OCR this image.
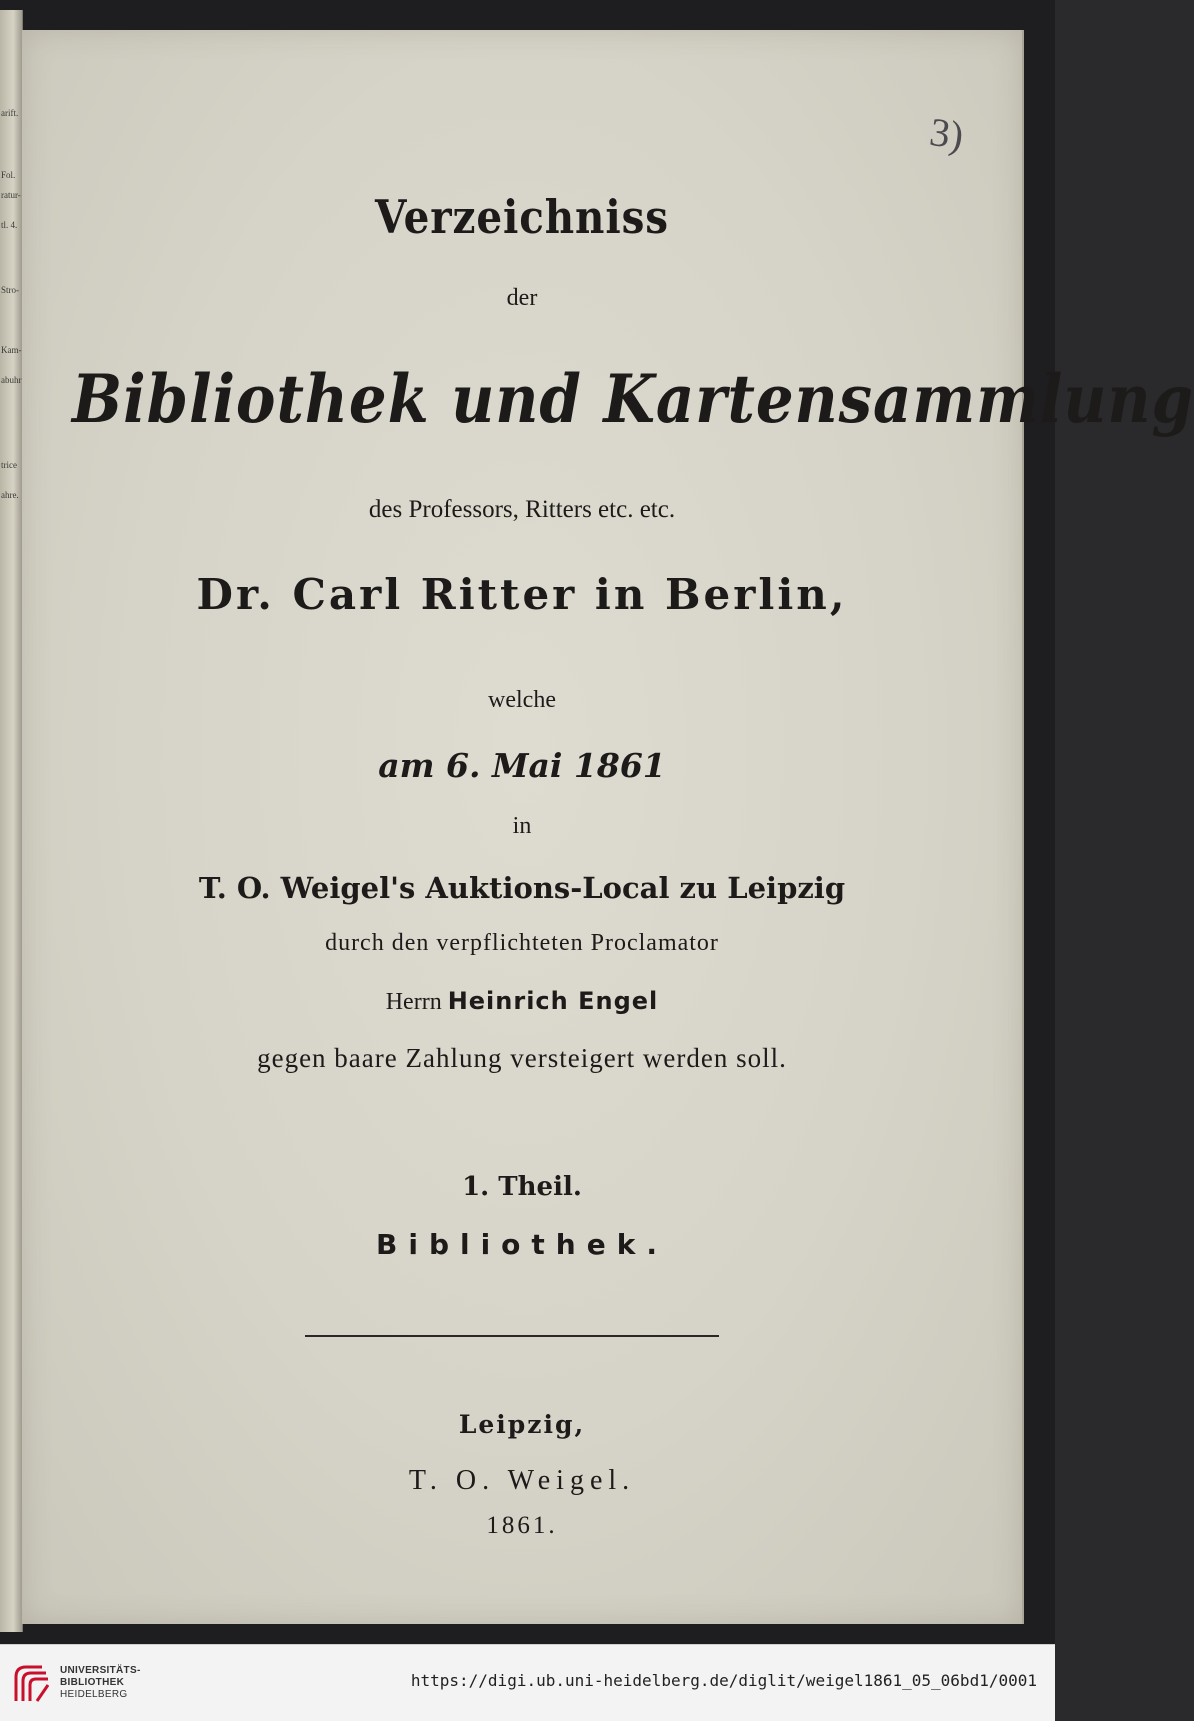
arift.
Fol.
ratur-
tl. 4.
Stro-
Kam-
abuhr
trice
ahre.
3)
Verzeichniss
der
Bibliothek und Kartensammlung
des Professors, Ritters etc. etc.
Dr. Carl Ritter in Berlin,
welche
am 6. Mai 1861
in
T. O. Weigel's Auktions-Local zu Leipzig
durch den verpflichteten Proclamator
Herrn Heinrich Engel
gegen baare Zahlung versteigert werden soll.
1. Theil.
Bibliothek.
Leipzig,
T. O. Weigel.
1861.
UNIVERSITÄTS-
BIBLIOTHEK
HEIDELBERG
https://digi.ub.uni-heidelberg.de/diglit/weigel1861_05_06bd1/0001
